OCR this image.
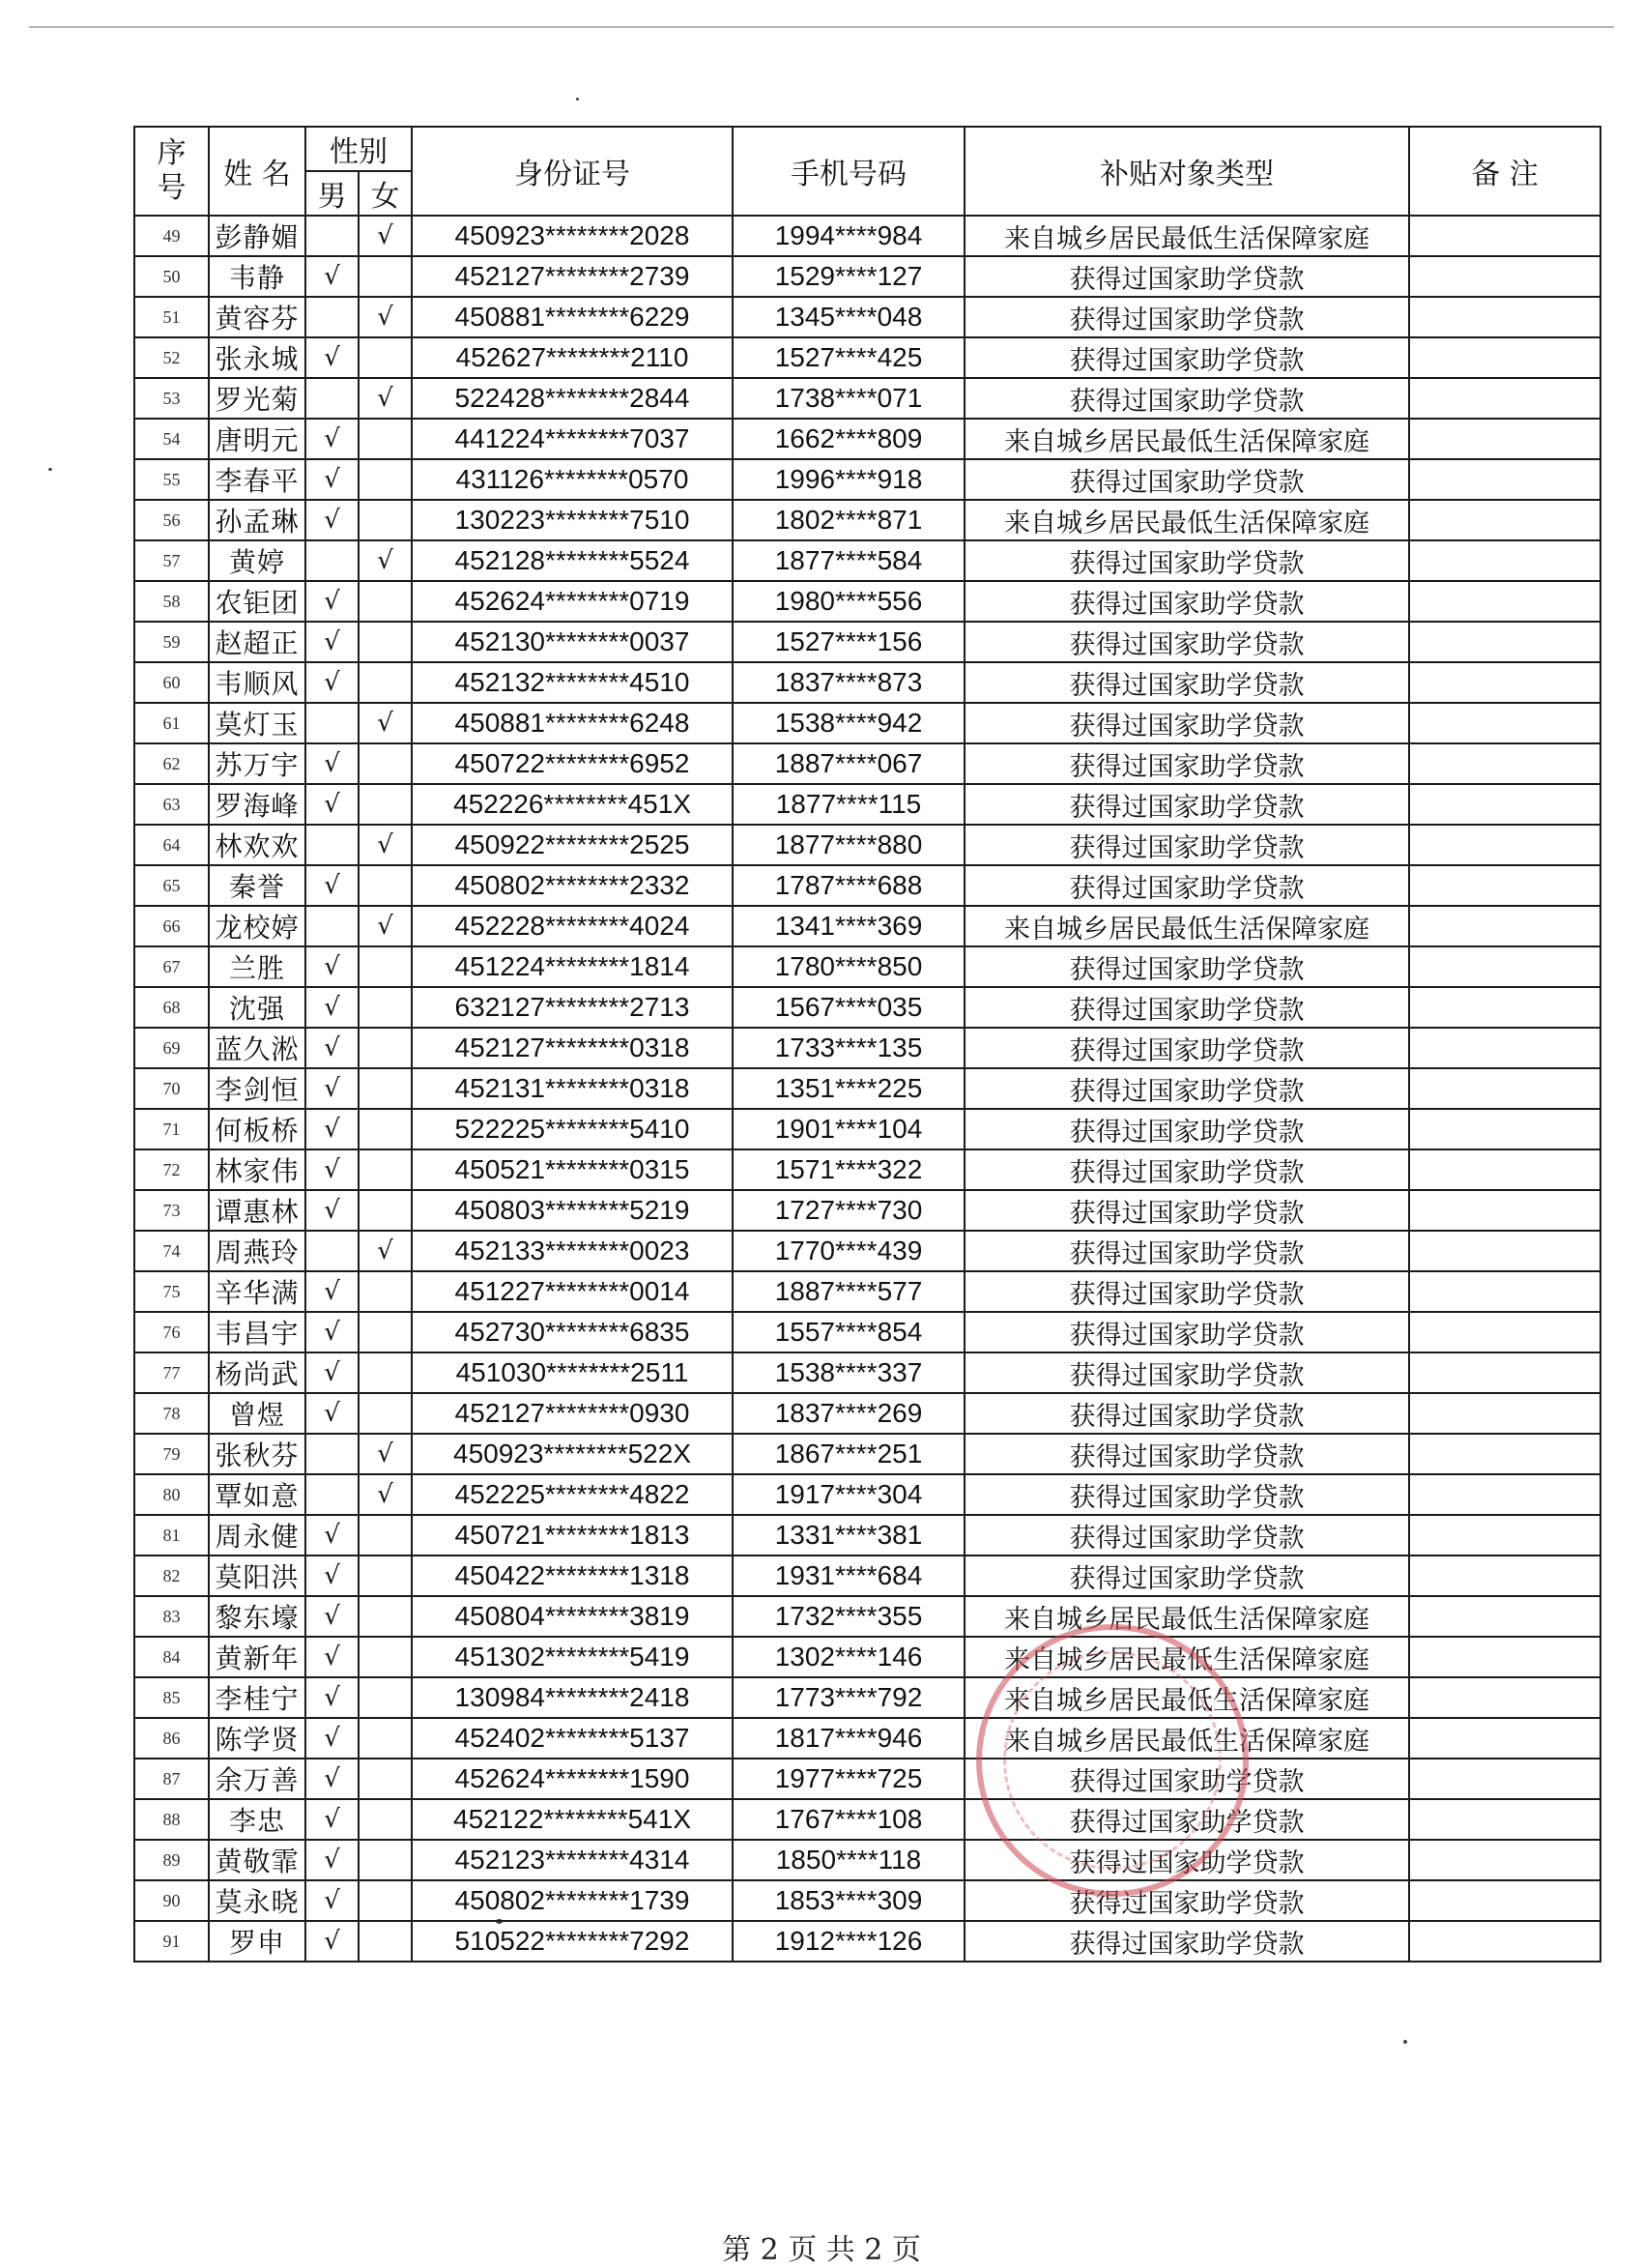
序号	姓 名	性别		身份证号	手机号码	补贴对象类型	备 注
		男	女				
49	彭静媚		√	450923********2028	1994****984	来自城乡居民最低生活保障家庭	
50	韦静	√		452127********2739	1529****127	获得过国家助学贷款	
51	黄容芬		√	450881********6229	1345****048	获得过国家助学贷款	
52	张永城	√		452627********2110	1527****425	获得过国家助学贷款	
53	罗光菊		√	522428********2844	1738****071	获得过国家助学贷款	
54	唐明元	√		441224********7037	1662****809	来自城乡居民最低生活保障家庭	
55	李春平	√		431126********0570	1996****918	获得过国家助学贷款	
56	孙孟琳	√		130223********7510	1802****871	来自城乡居民最低生活保障家庭	
57	黄婷		√	452128********5524	1877****584	获得过国家助学贷款	
58	农钜团	√		452624********0719	1980****556	获得过国家助学贷款	
59	赵超正	√		452130********0037	1527****156	获得过国家助学贷款	
60	韦顺风	√		452132********4510	1837****873	获得过国家助学贷款	
61	莫灯玉		√	450881********6248	1538****942	获得过国家助学贷款	
62	苏万宇	√		450722********6952	1887****067	获得过国家助学贷款	
63	罗海峰	√		452226********451X	1877****115	获得过国家助学贷款	
64	林欢欢		√	450922********2525	1877****880	获得过国家助学贷款	
65	秦誉	√		450802********2332	1787****688	获得过国家助学贷款	
66	龙校婷		√	452228********4024	1341****369	来自城乡居民最低生活保障家庭	
67	兰胜	√		451224********1814	1780****850	获得过国家助学贷款	
68	沈强	√		632127********2713	1567****035	获得过国家助学贷款	
69	蓝久淞	√		452127********0318	1733****135	获得过国家助学贷款	
70	李剑恒	√		452131********0318	1351****225	获得过国家助学贷款	
71	何板桥	√		522225********5410	1901****104	获得过国家助学贷款	
72	林家伟	√		450521********0315	1571****322	获得过国家助学贷款	
73	谭惠林	√		450803********5219	1727****730	获得过国家助学贷款	
74	周燕玲		√	452133********0023	1770****439	获得过国家助学贷款	
75	辛华满	√		451227********0014	1887****577	获得过国家助学贷款	
76	韦昌宇	√		452730********6835	1557****854	获得过国家助学贷款	
77	杨尚武	√		451030********2511	1538****337	获得过国家助学贷款	
78	曾煜	√		452127********0930	1837****269	获得过国家助学贷款	
79	张秋芬		√	450923********522X	1867****251	获得过国家助学贷款	
80	覃如意		√	452225********4822	1917****304	获得过国家助学贷款	
81	周永健	√		450721********1813	1331****381	获得过国家助学贷款	
82	莫阳洪	√		450422********1318	1931****684	获得过国家助学贷款	
83	黎东壕	√		450804********3819	1732****355	来自城乡居民最低生活保障家庭	
84	黄新年	√		451302********5419	1302****146	来自城乡居民最低生活保障家庭	
85	李桂宁	√		130984********2418	1773****792	来自城乡居民最低生活保障家庭	
86	陈学贤	√		452402********5137	1817****946	来自城乡居民最低生活保障家庭	
87	余万善	√		452624********1590	1977****725	获得过国家助学贷款	
88	李忠	√		452122********541X	1767****108	获得过国家助学贷款	
89	黄敬霏	√		452123********4314	1850****118	获得过国家助学贷款	
90	莫永晓	√		450802********1739	1853****309	获得过国家助学贷款	
91	罗申	√		510522********7292	1912****126	获得过国家助学贷款	
第 2 页 共 2 页
